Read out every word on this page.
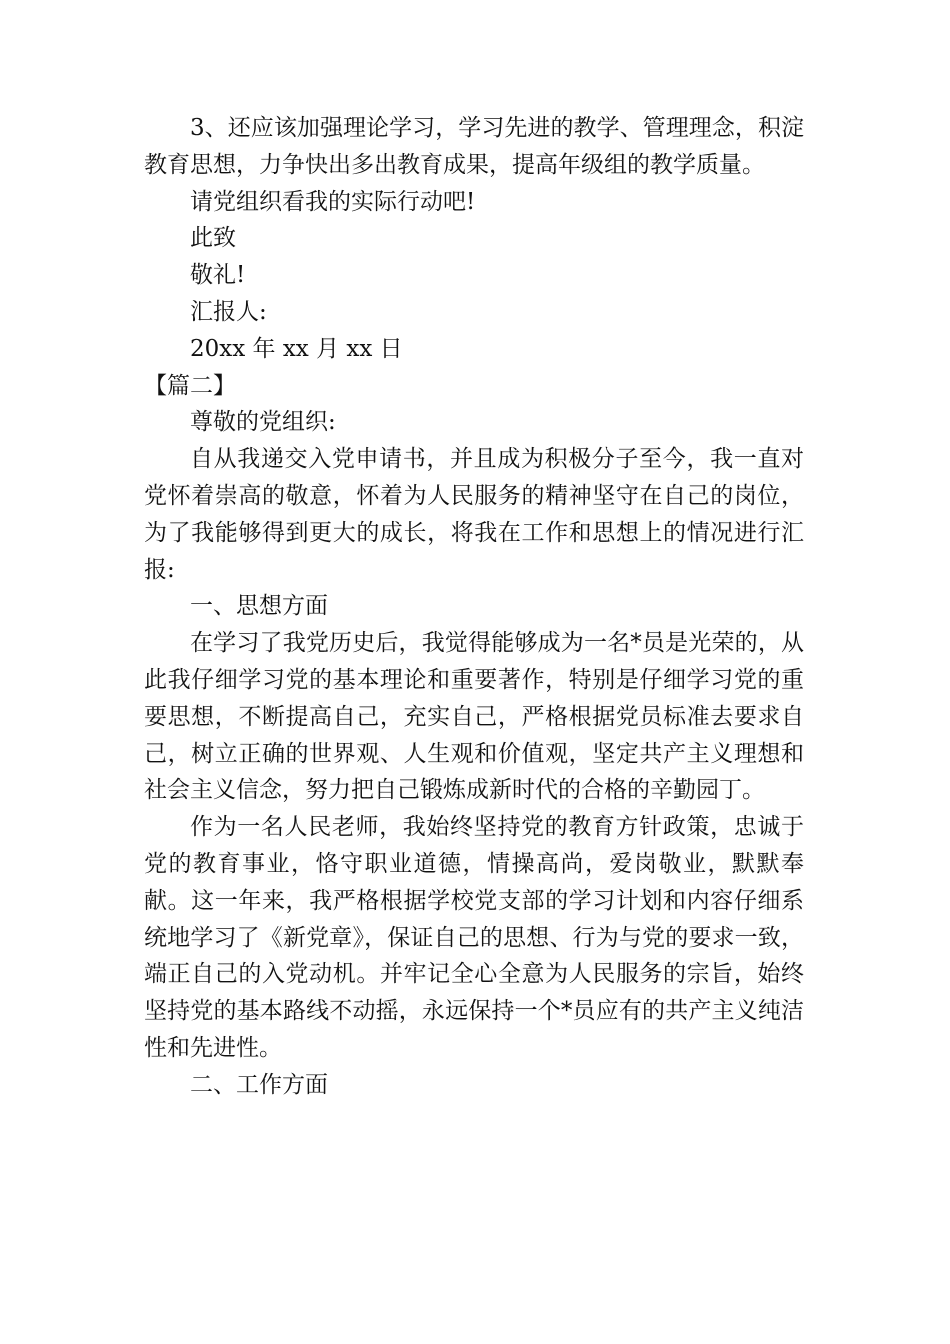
3、还应该加强理论学习，学习先进的教学、管理理念，积淀教育思想，力争快出多出教育成果，提高年级组的教学质量。

请党组织看我的实际行动吧!

此致

敬礼!

汇报人:

20xx 年 xx 月 xx 日

【篇二】

尊敬的党组织:

自从我递交入党申请书，并且成为积极分子至今，我一直对党怀着崇高的敬意，怀着为人民服务的精神坚守在自己的岗位，为了我能够得到更大的成长，将我在工作和思想上的情况进行汇报:

一、思想方面

在学习了我党历史后，我觉得能够成为一名*员是光荣的，从此我仔细学习党的基本理论和重要著作，特别是仔细学习党的重要思想，不断提高自己，充实自己，严格根据党员标准去要求自己，树立正确的世界观、人生观和价值观，坚定共产主义理想和社会主义信念，努力把自己锻炼成新时代的合格的辛勤园丁。

作为一名人民老师，我始终坚持党的教育方针政策，忠诚于党的教育事业，恪守职业道德，情操高尚，爱岗敬业，默默奉献。这一年来，我严格根据学校党支部的学习计划和内容仔细系统地学习了《新党章》，保证自己的思想、行为与党的要求一致，端正自己的入党动机。并牢记全心全意为人民服务的宗旨，始终坚持党的基本路线不动摇，永远保持一个*员应有的共产主义纯洁性和先进性。

二、工作方面
